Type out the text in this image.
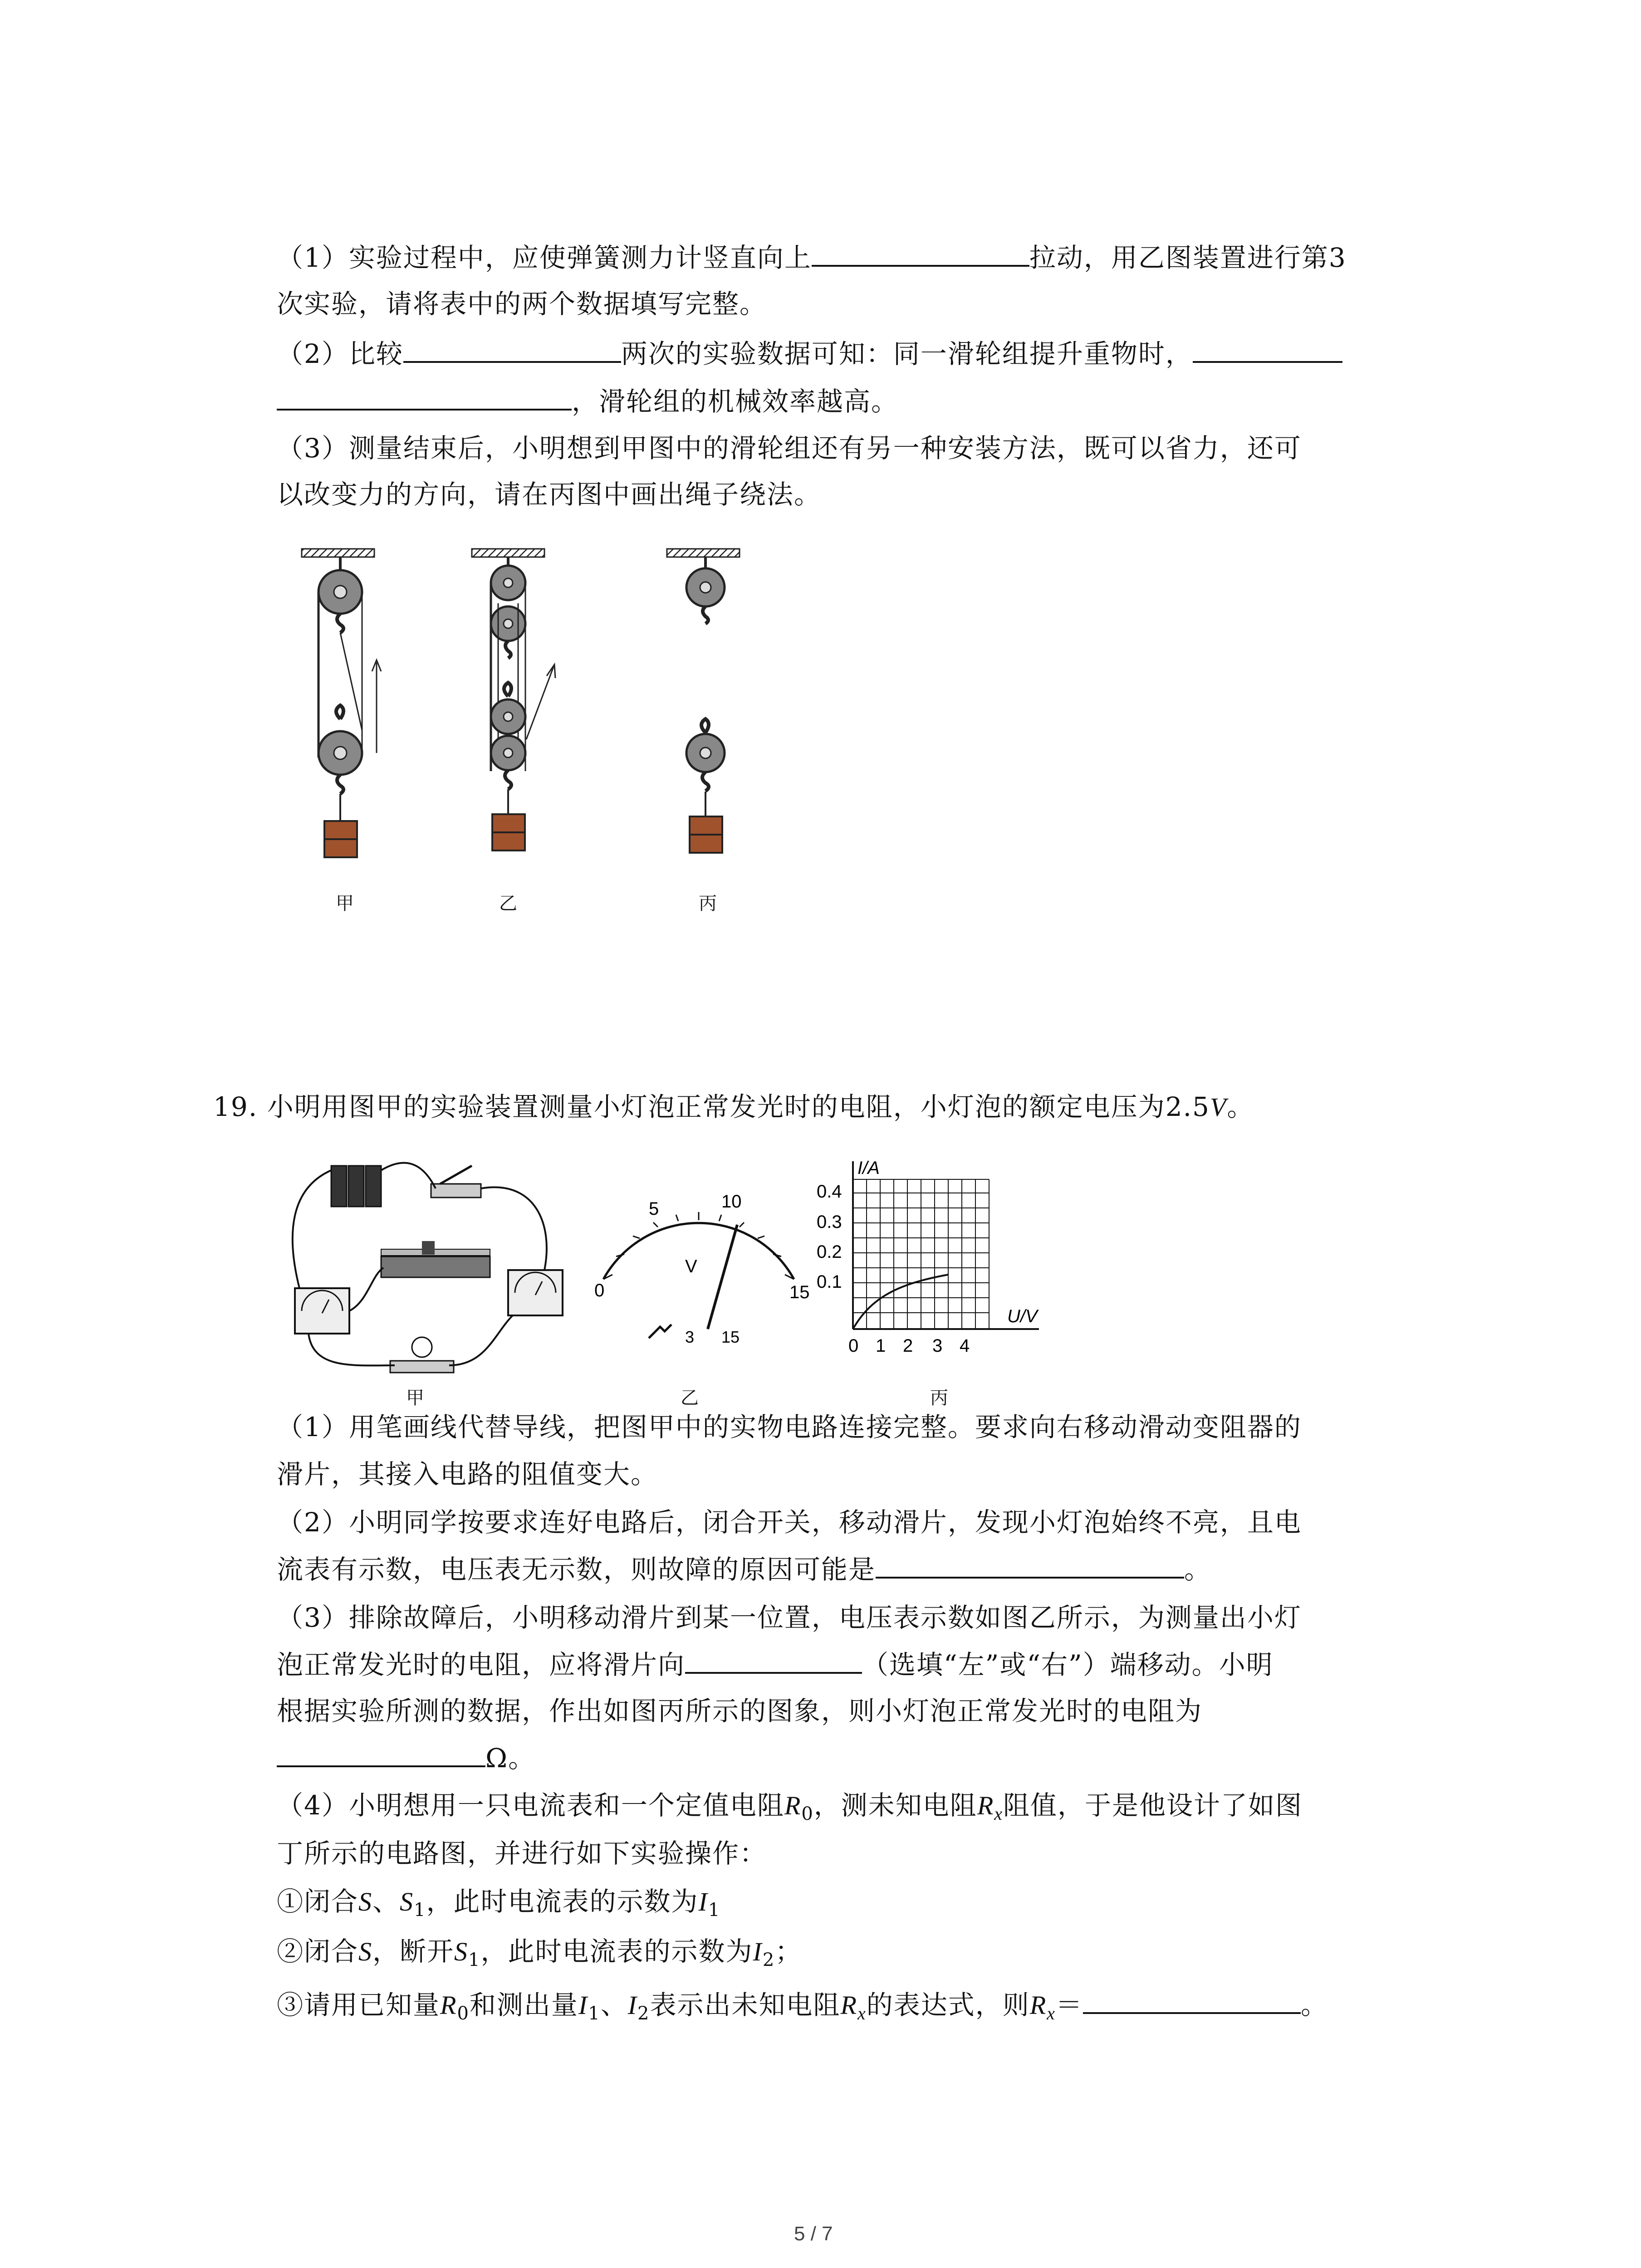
（1）实验过程中，应使弹簧测力计竖直向上	拉动，用乙图装置进行第3
次实验，请将表中的两个数据填写完整。
（2）比较	两次的实验数据可知：同一滑轮组提升重物时，
，滑轮组的机械效率越高。
（3）测量结束后，小明想到甲图中的滑轮组还有另一种安装方法，既可以省力，还可
以改变力的方向，请在丙图中画出绳子绕法。
甲	乙	丙
19. 小明用图甲的实验装置测量小灯泡正常发光时的电阻，小灯泡的额定电压为2.5V。
甲
0
5	10
15
V
3 15
乙
I/A
U/V
0.4
0.3
0.2
0.1
0 1 2 3 4
丙
（1）用笔画线代替导线，把图甲中的实物电路连接完整。要求向右移动滑动变阻器的
滑片，其接入电路的阻值变大。
（2）小明同学按要求连好电路后，闭合开关，移动滑片，发现小灯泡始终不亮，且电
流表有示数，电压表无示数，则故障的原因可能是	。
（3）排除故障后，小明移动滑片到某一位置，电压表示数如图乙所示，为测量出小灯
泡正常发光时的电阻，应将滑片向	（选填“左”或“右”）端移动。小明
根据实验所测的数据，作出如图丙所示的图象，则小灯泡正常发光时的电阻为
Ω。
（4）小明想用一只电流表和一个定值电阻$R_0$，测未知电阻$R_x$阻值，于是他设计了如图
丁所示的电路图，并进行如下实验操作：
①闭合S、$S_1$，此时电流表的示数为$I_1$
②闭合S，断开$S_1$，此时电流表的示数为$I_2$；
③请用已知量$R_0$和测出量$I_1$、$I_2$表示出未知电阻$R_x$的表达式，则$R_x=$	。
5 / 7
